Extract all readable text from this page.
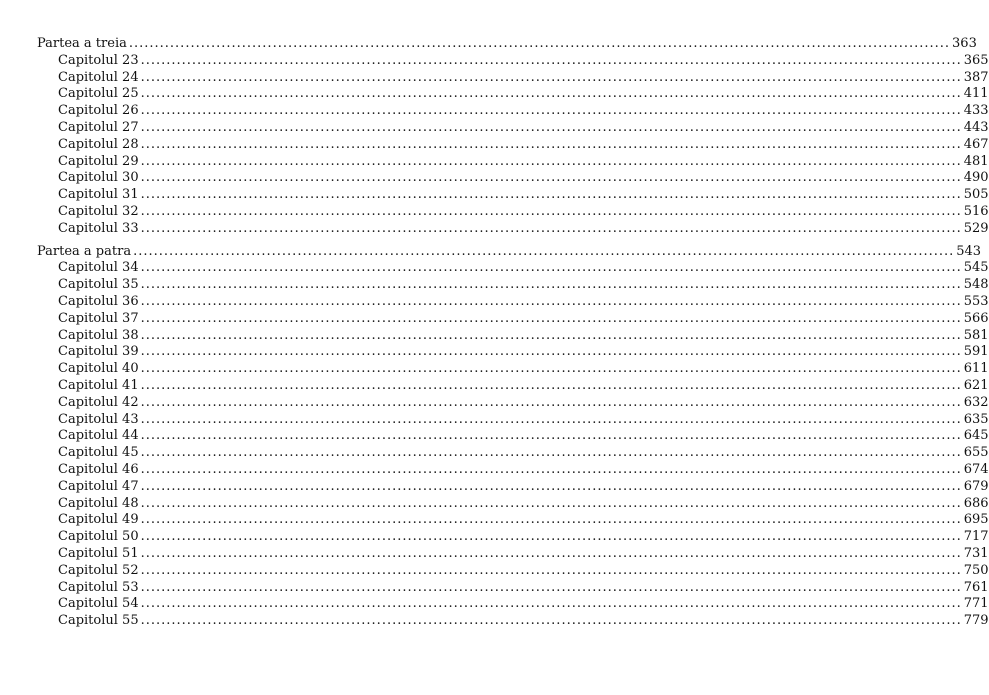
Partea a treia ................................................................................................................................................................ 363
Capitolul 23 ................................................................................................................................................................ 365
Capitolul 24 ................................................................................................................................................................ 387
Capitolul 25 ................................................................................................................................................................ 411
Capitolul 26 ................................................................................................................................................................ 433
Capitolul 27 ................................................................................................................................................................ 443
Capitolul 28 ................................................................................................................................................................ 467
Capitolul 29 ................................................................................................................................................................ 481
Capitolul 30 ................................................................................................................................................................ 490
Capitolul 31 ................................................................................................................................................................ 505
Capitolul 32 ................................................................................................................................................................ 516
Capitolul 33 ................................................................................................................................................................ 529
Partea a patra ................................................................................................................................................................ 543
Capitolul 34 ................................................................................................................................................................ 545
Capitolul 35 ................................................................................................................................................................ 548
Capitolul 36 ................................................................................................................................................................ 553
Capitolul 37 ................................................................................................................................................................ 566
Capitolul 38 ................................................................................................................................................................ 581
Capitolul 39 ................................................................................................................................................................ 591
Capitolul 40 ................................................................................................................................................................ 611
Capitolul 41 ................................................................................................................................................................ 621
Capitolul 42 ................................................................................................................................................................ 632
Capitolul 43 ................................................................................................................................................................ 635
Capitolul 44 ................................................................................................................................................................ 645
Capitolul 45 ................................................................................................................................................................ 655
Capitolul 46 ................................................................................................................................................................ 674
Capitolul 47 ................................................................................................................................................................ 679
Capitolul 48 ................................................................................................................................................................ 686
Capitolul 49 ................................................................................................................................................................ 695
Capitolul 50 ................................................................................................................................................................ 717
Capitolul 51 ................................................................................................................................................................ 731
Capitolul 52 ................................................................................................................................................................ 750
Capitolul 53 ................................................................................................................................................................ 761
Capitolul 54 ................................................................................................................................................................ 771
Capitolul 55 ................................................................................................................................................................ 779
